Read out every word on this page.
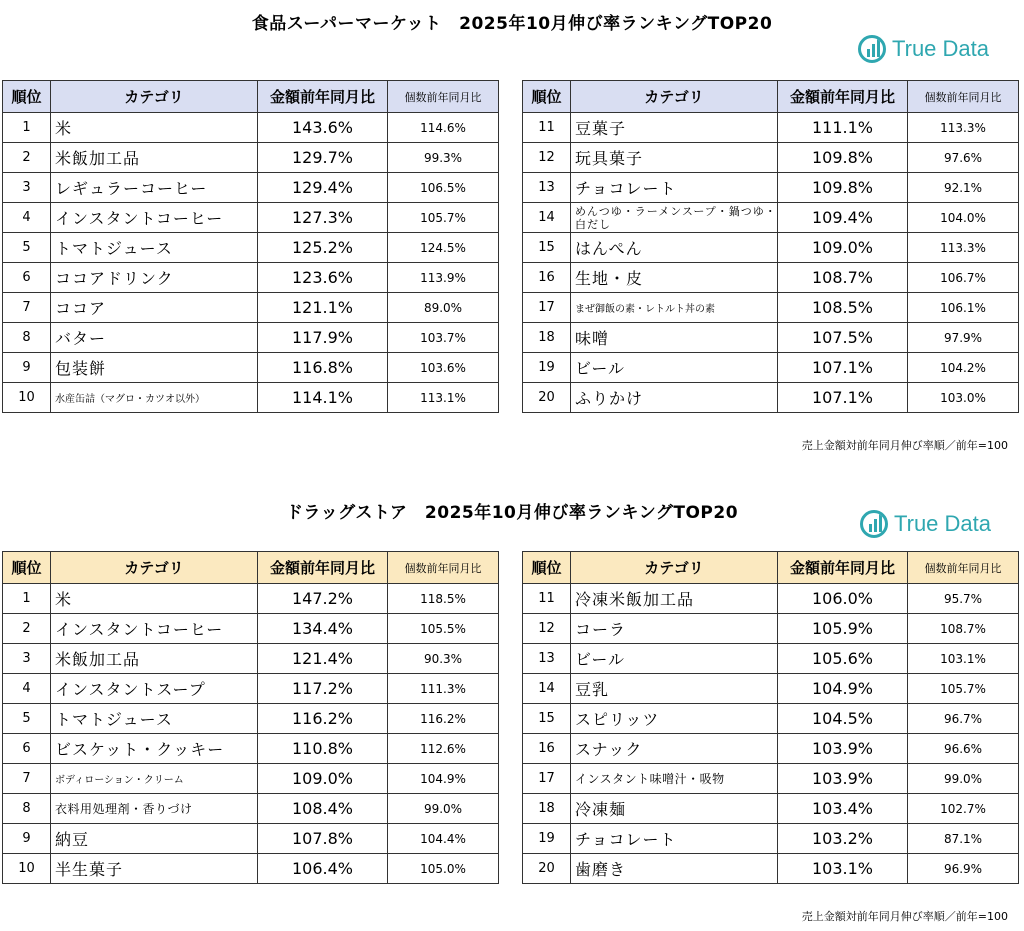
食品スーパーマーケット　2025年10月伸び率ランキングTOP20
True Data
順位	カテゴリ	金額前年同月比	個数前年同月比
1	米	143.6%	114.6%
2	米飯加工品	129.7%	99.3%
3	レギュラーコーヒー	129.4%	106.5%
4	インスタントコーヒー	127.3%	105.7%
5	トマトジュース	125.2%	124.5%
6	ココアドリンク	123.6%	113.9%
7	ココア	121.1%	89.0%
8	バター	117.9%	103.7%
9	包装餅	116.8%	103.6%
10	水産缶詰（マグロ・カツオ以外）	114.1%	113.1%
順位	カテゴリ	金額前年同月比	個数前年同月比
11	豆菓子	111.1%	113.3%
12	玩具菓子	109.8%	97.6%
13	チョコレート	109.8%	92.1%
14	めんつゆ・ラーメンスープ・鍋つゆ・白だし	109.4%	104.0%
15	はんぺん	109.0%	113.3%
16	生地・皮	108.7%	106.7%
17	まぜ御飯の素・レトルト丼の素	108.5%	106.1%
18	味噌	107.5%	97.9%
19	ビール	107.1%	104.2%
20	ふりかけ	107.1%	103.0%
売上金額対前年同月伸び率順／前年=100
ドラッグストア　2025年10月伸び率ランキングTOP20	True Data
順位	カテゴリ	金額前年同月比	個数前年同月比
1	米	147.2%	118.5%
2	インスタントコーヒー	134.4%	105.5%
3	米飯加工品	121.4%	90.3%
4	インスタントスープ	117.2%	111.3%
5	トマトジュース	116.2%	116.2%
6	ビスケット・クッキー	110.8%	112.6%
7	ボディローション・クリーム	109.0%	104.9%
8	衣料用処理剤・香りづけ	108.4%	99.0%
9	納豆	107.8%	104.4%
10	半生菓子	106.4%	105.0%
順位	カテゴリ	金額前年同月比	個数前年同月比
11	冷凍米飯加工品	106.0%	95.7%
12	コーラ	105.9%	108.7%
13	ビール	105.6%	103.1%
14	豆乳	104.9%	105.7%
15	スピリッツ	104.5%	96.7%
16	スナック	103.9%	96.6%
17	インスタント味噌汁・吸物	103.9%	99.0%
18	冷凍麺	103.4%	102.7%
19	チョコレート	103.2%	87.1%
20	歯磨き	103.1%	96.9%
売上金額対前年同月伸び率順／前年=100
